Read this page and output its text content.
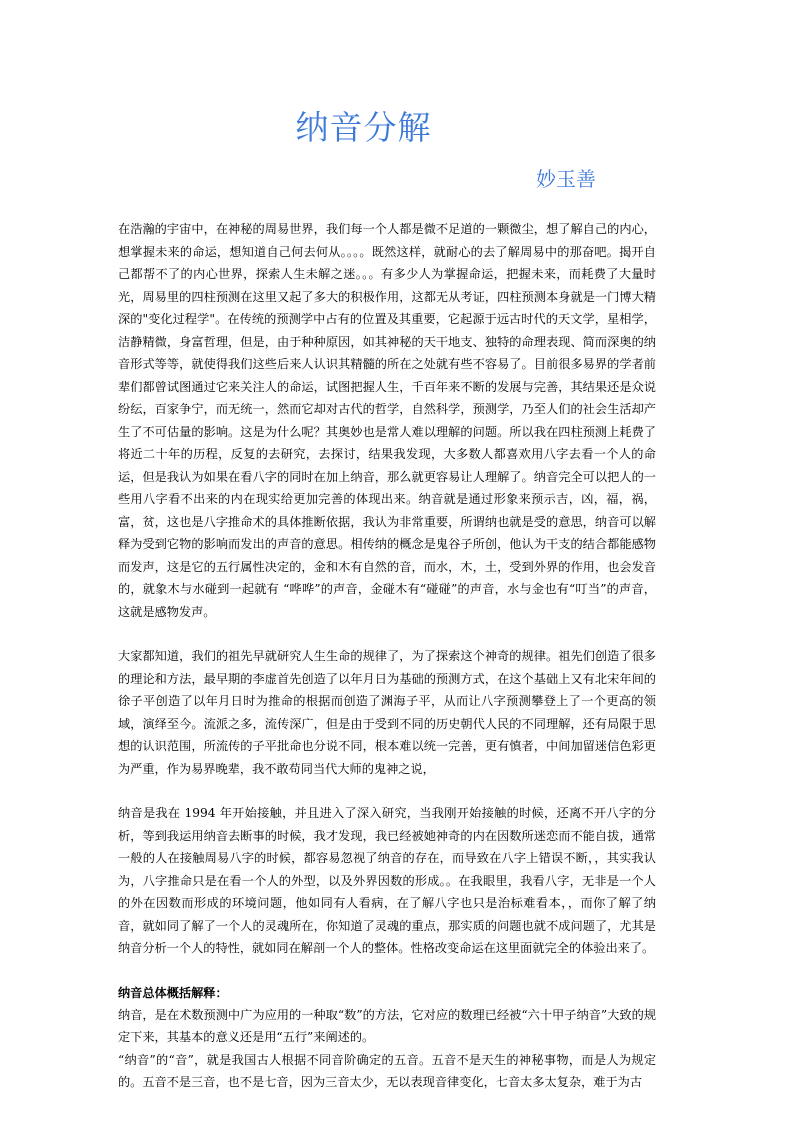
纳音分解
妙玉善

在浩瀚的宇宙中，在神秘的周易世界，我们每一个人都是微不足道的一颗微尘，想了解自己的内心，想掌握未来的命运，想知道自己何去何从。。。。既然这样，就耐心的去了解周易中的那奋吧。揭开自己都帮不了的内心世界，探索人生未解之迷。。。有多少人为掌握命运，把握未来，而耗费了大量时光，周易里的四柱预测在这里又起了多大的积极作用，这都无从考证，四柱预测本身就是一门博大精深的"变化过程学"。在传统的预测学中占有的位置及其重要，它起源于远古时代的天文学，星相学，洁静精微，身富哲理，但是，由于种种原因，如其神秘的天干地支、独特的命理表现、简而深奥的纳音形式等等，就使得我们这些后来人认识其精髓的所在之处就有些不容易了。目前很多易界的学者前辈们都曾试图通过它来关注人的命运，试图把握人生，千百年来不断的发展与完善，其结果还是众说纷纭，百家争宁，而无统一，然而它却对古代的哲学，自然科学，预测学，乃至人们的社会生活却产生了不可估量的影响。这是为什么呢？其奥妙也是常人难以理解的问题。所以我在四柱预测上耗费了将近二十年的历程，反复的去研究，去探讨，结果我发现，大多数人都喜欢用八字去看一个人的命运，但是我认为如果在看八字的同时在加上纳音，那么就更容易让人理解了。纳音完全可以把人的一些用八字看不出来的内在现实给更加完善的体现出来。纳音就是通过形象来预示吉，凶，福，祸，富，贫，这也是八字推命术的具体推断依据，我认为非常重要，所谓纳也就是受的意思，纳音可以解释为受到它物的影响而发出的声音的意思。相传纳的概念是鬼谷子所创，他认为干支的结合都能感物而发声，这是它的五行属性决定的，金和木有自然的音，而水，木，土，受到外界的作用，也会发音的，就象木与水碰到一起就有 “哗哗”的声音，金碰木有“碰碰”的声音，水与金也有“叮当”的声音，这就是感物发声。

大家都知道，我们的祖先早就研究人生生命的规律了，为了探索这个神奇的规律。祖先们创造了很多的理论和方法，最早期的李虚首先创造了以年月日为基础的预测方式，在这个基础上又有北宋年间的徐子平创造了以年月日时为推命的根据而创造了渊海子平，从而让八字预测攀登上了一个更高的领域，演绎至今。流派之多，流传深广，但是由于受到不同的历史朝代人民的不同理解，还有局限于思想的认识范围，所流传的子平批命也分说不同，根本难以统一完善，更有慎者，中间加留迷信色彩更为严重，作为易界晚辈，我不敢苟同当代大师的鬼神之说，

纳音是我在 1994 年开始接触，并且进入了深入研究，当我刚开始接触的时候，还离不开八字的分析，等到我运用纳音去断事的时候，我才发现，我已经被她神奇的内在因数所迷恋而不能自拔，通常一般的人在接触周易八字的时候，都容易忽视了纳音的存在，而导致在八字上错误不断，，其实我认为，八字推命只是在看一个人的外型，以及外界因数的形成。。在我眼里，我看八字，无非是一个人的外在因数而形成的环境问题，他如同有人看病，在了解八字也只是治标难看本，，而你了解了纳音，就如同了解了一个人的灵魂所在，你知道了灵魂的重点，那实质的问题也就不成问题了，尤其是纳音分析一个人的特性，就如同在解剖一个人的整体。性格改变命运在这里面就完全的体验出来了。

纳音总体概括解释：

纳音，是在术数预测中广为应用的一种取“数”的方法，它对应的数理已经被“六十甲子纳音”大致的规定下来，其基本的意义还是用“五行”来阐述的。

“纳音”的“音”，就是我国古人根据不同音阶确定的五音。五音不是天生的神秘事物，而是人为规定的。五音不是三音，也不是七音，因为三音太少，无以表现音律变化，七音太多太复杂，难于为古
